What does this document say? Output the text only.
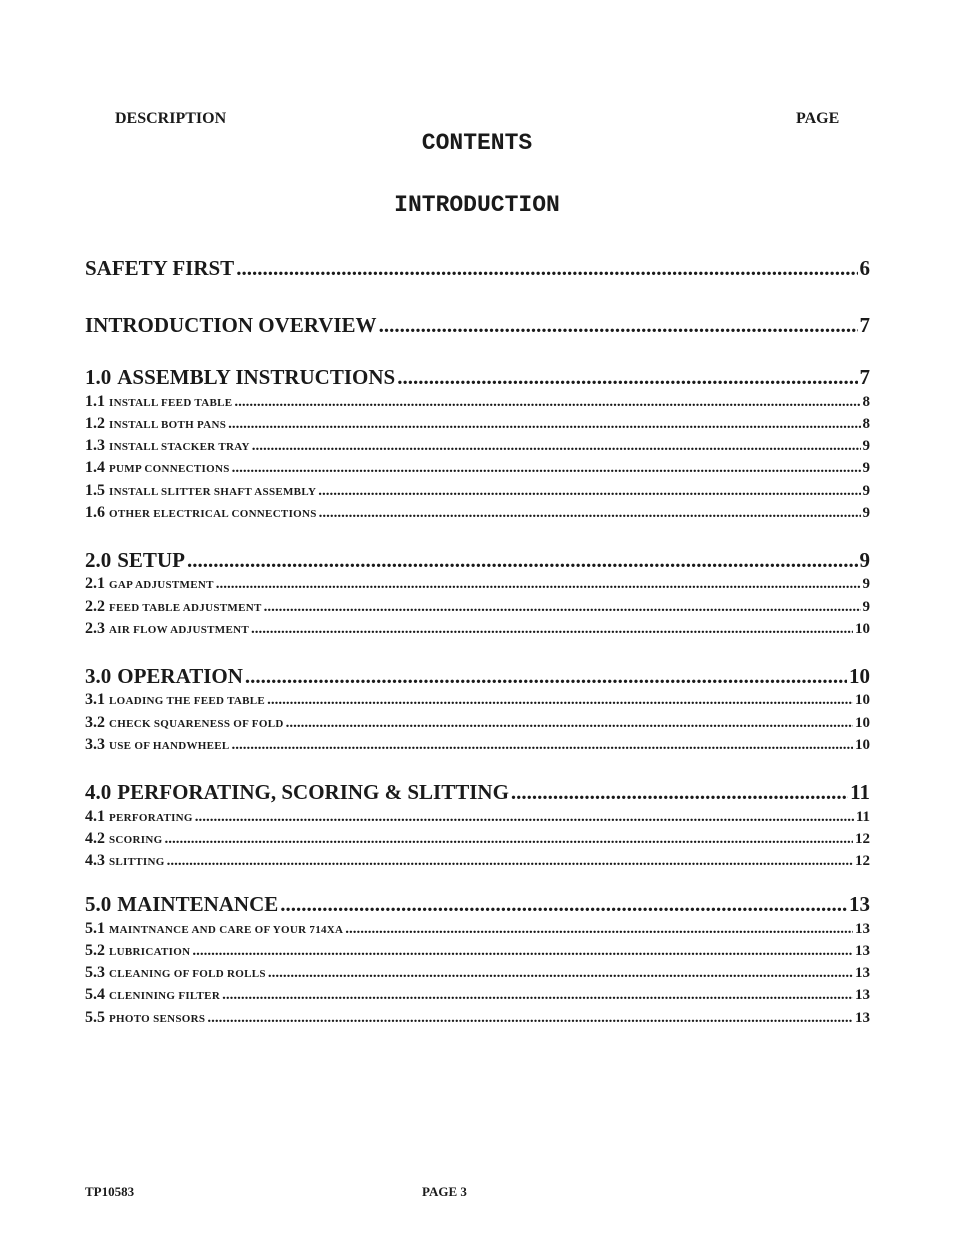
DESCRIPTION	PAGE
CONTENTS
INTRODUCTION
SAFETY FIRST .....	6
INTRODUCTION OVERVIEW .....	7
1.0 ASSEMBLY INSTRUCTIONS .....	7
1.1 INSTALL FEED TABLE .....	8
1.2 INSTALL BOTH PANS .....	8
1.3 INSTALL STACKER TRAY .....	9
1.4 PUMP CONNECTIONS .....	9
1.5 INSTALL SLITTER SHAFT ASSEMBLY .....	9
1.6 OTHER ELECTRICAL CONNECTIONS .....	9
2.0 SETUP .....	9
2.1 GAP ADJUSTMENT .....	9
2.2 FEED TABLE ADJUSTMENT .....	9
2.3 AIR FLOW ADJUSTMENT .....	10
3.0 OPERATION .....	10
3.1 LOADING THE FEED TABLE .....	10
3.2 CHECK SQUARENESS OF FOLD .....	10
3.3 USE OF HANDWHEEL .....	10
4.0 PERFORATING, SCORING & SLITTING .....	11
4.1 PERFORATING .....	11
4.2 SCORING .....	12
4.3 SLITTING .....	12
5.0 MAINTENANCE .....	13
5.1 MAINTNANCE AND CARE OF YOUR 714XA .....	13
5.2 LUBRICATION .....	13
5.3 CLEANING OF FOLD ROLLS .....	13
5.4 CLENINING FILTER .....	13
5.5 PHOTO SENSORS .....	13
TP10583	PAGE 3
